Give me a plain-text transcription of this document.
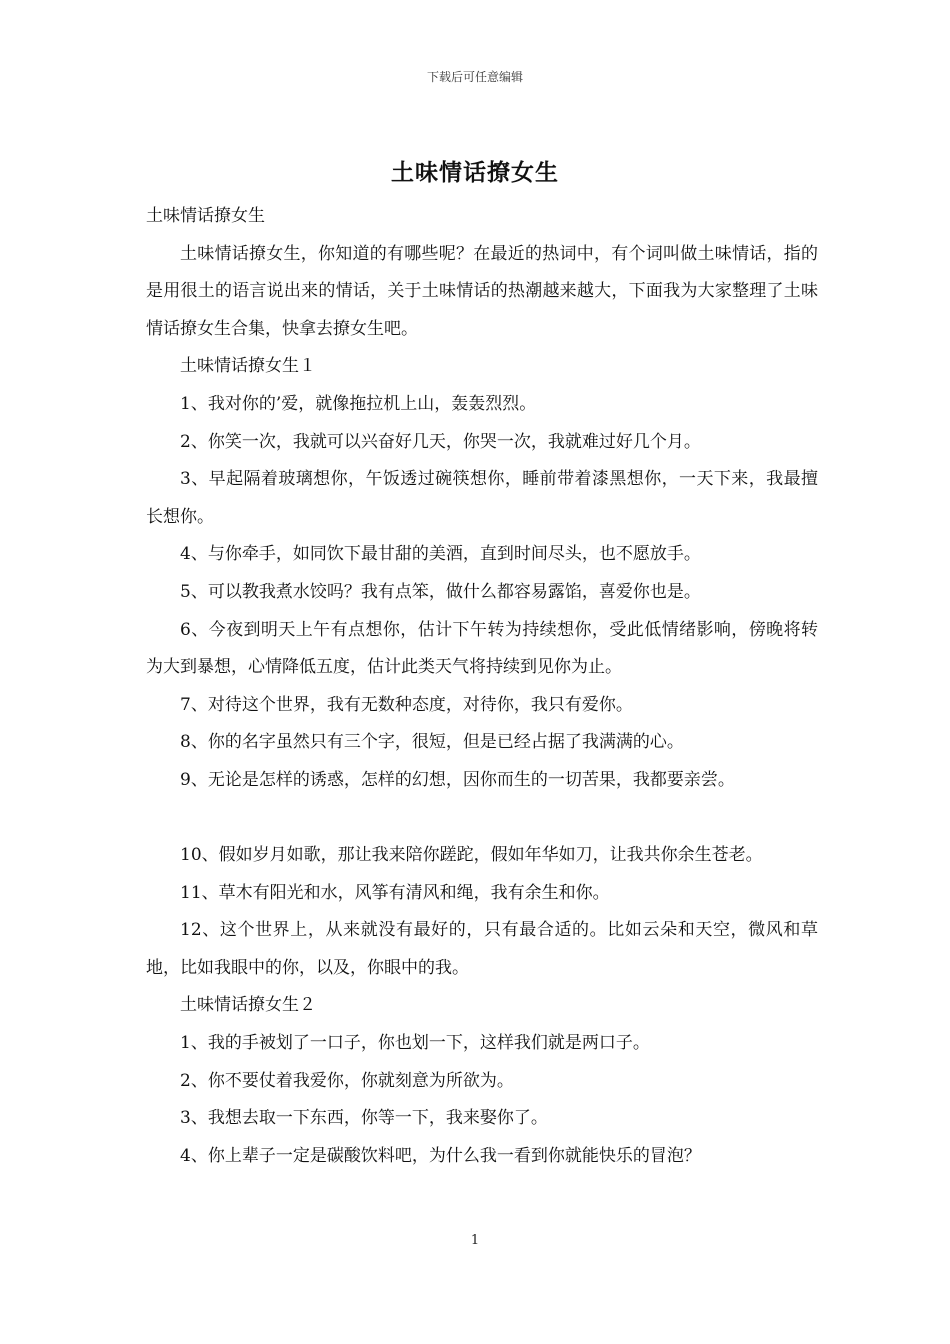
下载后可任意编辑
土味情话撩女生

土味情话撩女生

土味情话撩女生，你知道的有哪些呢？在最近的热词中，有个词叫做土味情话，指的是用很土的语言说出来的情话，关于土味情话的热潮越来越大，下面我为大家整理了土味情话撩女生合集，快拿去撩女生吧。

土味情话撩女生１

1、我对你的’爱，就像拖拉机上山，轰轰烈烈。

2、你笑一次，我就可以兴奋好几天，你哭一次，我就难过好几个月。

3、早起隔着玻璃想你，午饭透过碗筷想你，睡前带着漆黑想你，一天下来，我最擅长想你。

4、与你牵手，如同饮下最甘甜的美酒，直到时间尽头，也不愿放手。

5、可以教我煮水饺吗？我有点笨，做什么都容易露馅，喜爱你也是。

6、今夜到明天上午有点想你，估计下午转为持续想你，受此低情绪影响，傍晚将转为大到暴想，心情降低五度，估计此类天气将持续到见你为止。

7、对待这个世界，我有无数种态度，对待你，我只有爱你。

8、你的名字虽然只有三个字，很短，但是已经占据了我满满的心。

9、无论是怎样的诱惑，怎样的幻想，因你而生的一切苦果，我都要亲尝。

10、假如岁月如歌，那让我来陪你蹉跎，假如年华如刀，让我共你余生苍老。

11、草木有阳光和水，风筝有清风和绳，我有余生和你。

12、这个世界上，从来就没有最好的，只有最合适的。比如云朵和天空，微风和草地，比如我眼中的你，以及，你眼中的我。

土味情话撩女生２

1、我的手被划了一口子，你也划一下，这样我们就是两口子。

2、你不要仗着我爱你，你就刻意为所欲为。

3、我想去取一下东西，你等一下，我来娶你了。

4、你上辈子一定是碳酸饮料吧，为什么我一看到你就能快乐的冒泡？

1
